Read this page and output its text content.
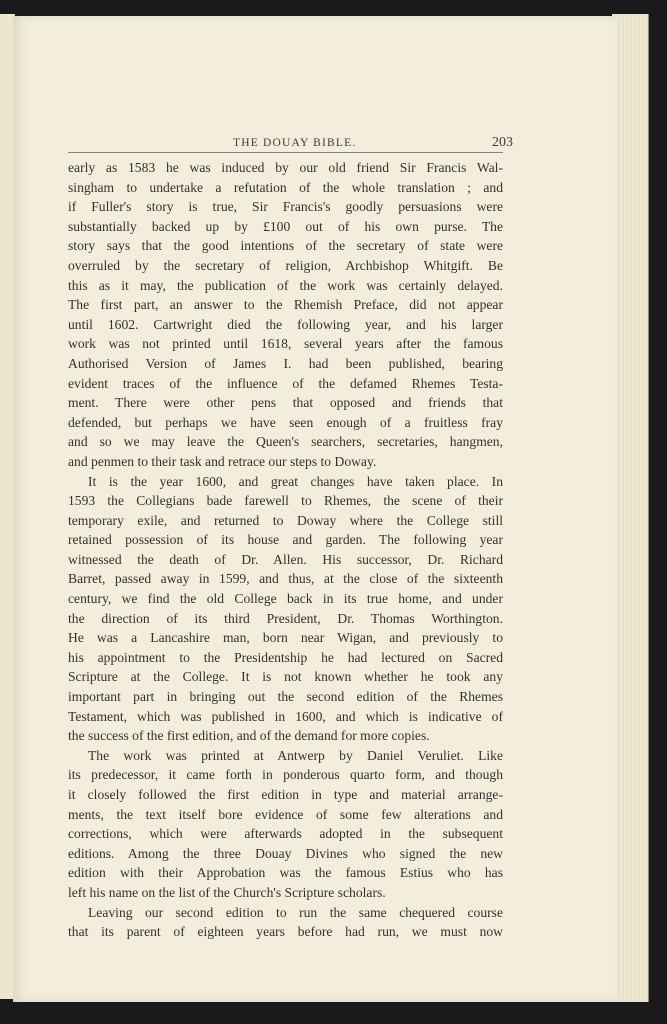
THE DOUAY BIBLE.	203
early as 1583 he was induced by our old friend Sir Francis Wal-
singham to undertake a refutation of the whole translation ; and
if Fuller's story is true, Sir Francis's goodly persuasions were
substantially backed up by £100 out of his own purse. The
story says that the good intentions of the secretary of state were
overruled by the secretary of religion, Archbishop Whitgift. Be
this as it may, the publication of the work was certainly delayed.
The first part, an answer to the Rhemish Preface, did not appear
until 1602. Cartwright died the following year, and his larger
work was not printed until 1618, several years after the famous
Authorised Version of James I. had been published, bearing
evident traces of the influence of the defamed Rhemes Testa-
ment. There were other pens that opposed and friends that
defended, but perhaps we have seen enough of a fruitless fray
and so we may leave the Queen's searchers, secretaries, hangmen,
and penmen to their task and retrace our steps to Doway.
It is the year 1600, and great changes have taken place. In
1593 the Collegians bade farewell to Rhemes, the scene of their
temporary exile, and returned to Doway where the College still
retained possession of its house and garden. The following year
witnessed the death of Dr. Allen. His successor, Dr. Richard
Barret, passed away in 1599, and thus, at the close of the sixteenth
century, we find the old College back in its true home, and under
the direction of its third President, Dr. Thomas Worthington.
He was a Lancashire man, born near Wigan, and previously to
his appointment to the Presidentship he had lectured on Sacred
Scripture at the College. It is not known whether he took any
important part in bringing out the second edition of the Rhemes
Testament, which was published in 1600, and which is indicative of
the success of the first edition, and of the demand for more copies.
The work was printed at Antwerp by Daniel Veruliet. Like
its predecessor, it came forth in ponderous quarto form, and though
it closely followed the first edition in type and material arrange-
ments, the text itself bore evidence of some few alterations and
corrections, which were afterwards adopted in the subsequent
editions. Among the three Douay Divines who signed the new
edition with their Approbation was the famous Estius who has
left his name on the list of the Church's Scripture scholars.
Leaving our second edition to run the same chequered course
that its parent of eighteen years before had run, we must now
